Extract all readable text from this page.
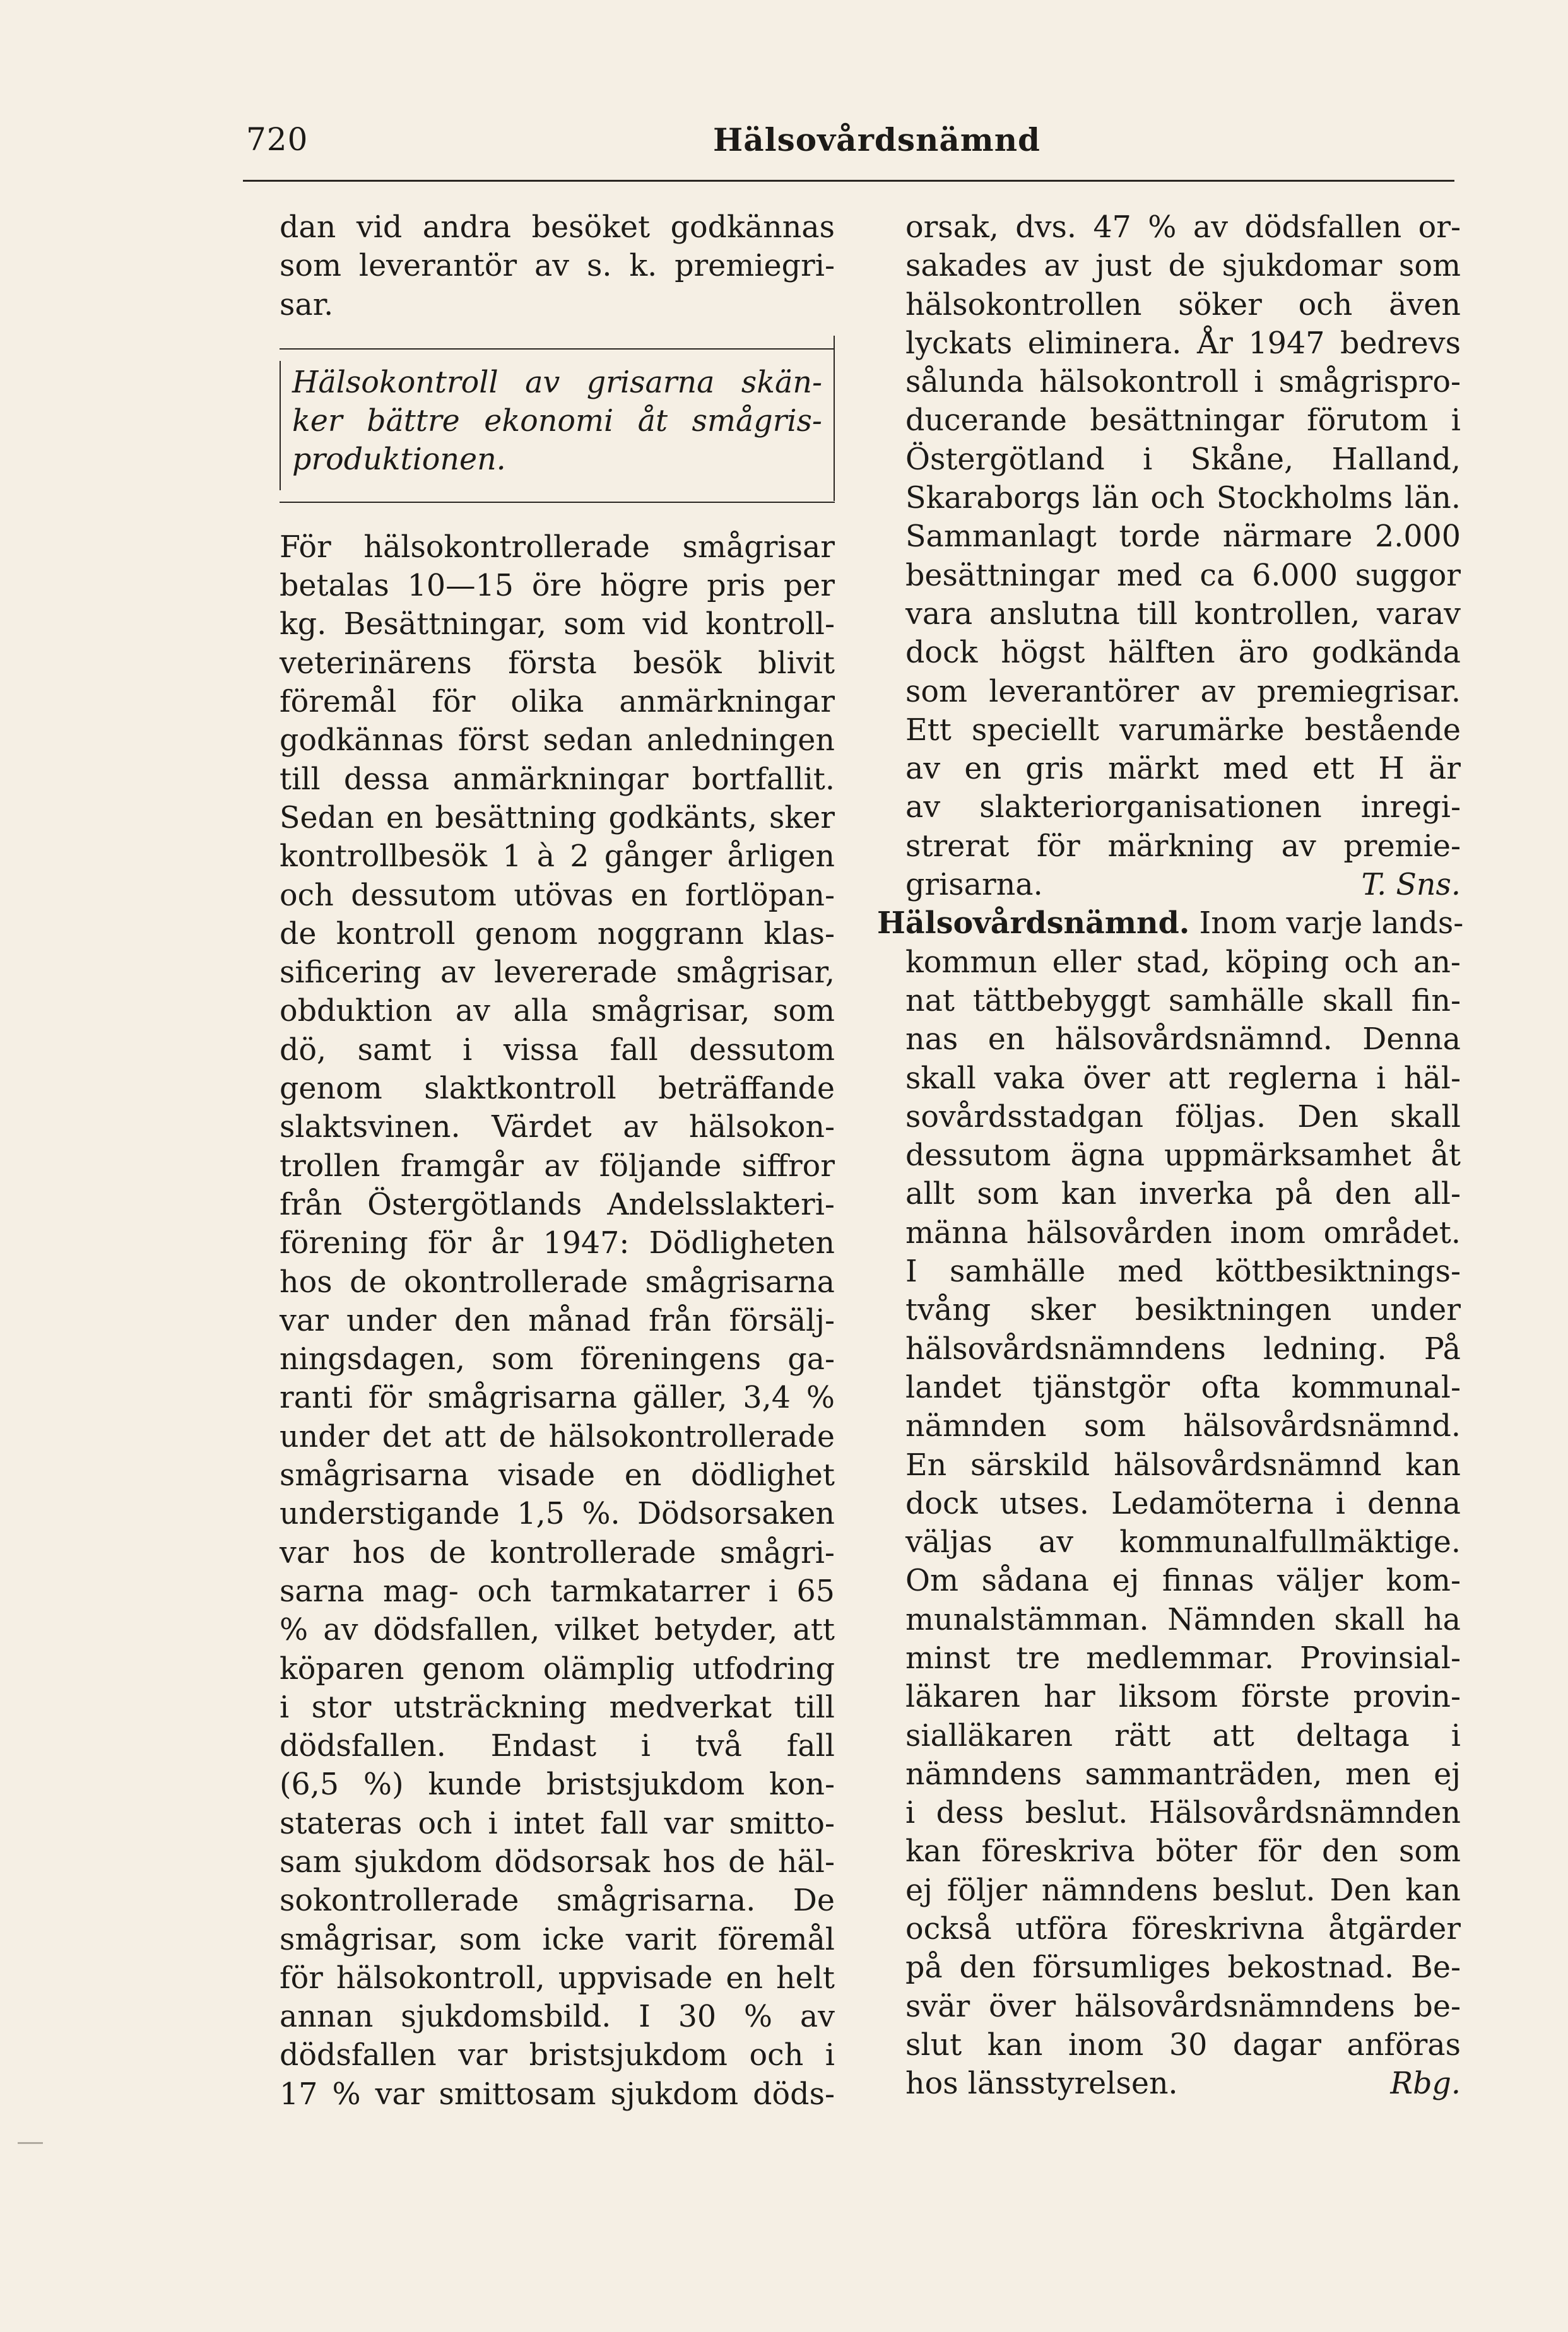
720	Hälsovårdsnämnd
dan vid andra besöket godkännas
som leverantör av s. k. premiegri-
sar.
Hälsokontroll av grisarna skän-
ker bättre ekonomi åt smågris-
produktionen.
För hälsokontrollerade smågrisar
betalas 10—15 öre högre pris per
kg. Besättningar, som vid kontroll-
veterinärens första besök blivit
föremål för olika anmärkningar
godkännas först sedan anledningen
till dessa anmärkningar bortfallit.
Sedan en besättning godkänts, sker
kontrollbesök 1 à 2 gånger årligen
och dessutom utövas en fortlöpan-
de kontroll genom noggrann klas-
sificering av levererade smågrisar,
obduktion av alla smågrisar, som
dö, samt i vissa fall dessutom
genom slaktkontroll beträffande
slaktsvinen. Värdet av hälsokon-
trollen framgår av följande siffror
från Östergötlands Andelsslakteri-
förening för år 1947: Dödligheten
hos de okontrollerade smågrisarna
var under den månad från försälj-
ningsdagen, som föreningens ga-
ranti för smågrisarna gäller, 3,4 %
under det att de hälsokontrollerade
smågrisarna visade en dödlighet
understigande 1,5 %. Dödsorsaken
var hos de kontrollerade smågri-
sarna mag- och tarmkatarrer i 65
% av dödsfallen, vilket betyder, att
köparen genom olämplig utfodring
i stor utsträckning medverkat till
dödsfallen. Endast i två fall
(6,5 %) kunde bristsjukdom kon-
stateras och i intet fall var smitto-
sam sjukdom dödsorsak hos de häl-
sokontrollerade smågrisarna. De
smågrisar, som icke varit föremål
för hälsokontroll, uppvisade en helt
annan sjukdomsbild. I 30 % av
dödsfallen var bristsjukdom och i
17 % var smittosam sjukdom döds-
orsak, dvs. 47 % av dödsfallen or-
sakades av just de sjukdomar som
hälsokontrollen söker och även
lyckats eliminera. År 1947 bedrevs
sålunda hälsokontroll i smågrispro-
ducerande besättningar förutom i
Östergötland i Skåne, Halland,
Skaraborgs län och Stockholms län.
Sammanlagt torde närmare 2.000
besättningar med ca 6.000 suggor
vara anslutna till kontrollen, varav
dock högst hälften äro godkända
som leverantörer av premiegrisar.
Ett speciellt varumärke bestående
av en gris märkt med ett H är
av slakteriorganisationen inregi-
strerat för märkning av premie-
grisarna.	T. Sns.
Hälsovårdsnämnd. Inom varje lands-
kommun eller stad, köping och an-
nat tättbebyggt samhälle skall fin-
nas en hälsovårdsnämnd. Denna
skall vaka över att reglerna i häl-
sovårdsstadgan följas. Den skall
dessutom ägna uppmärksamhet åt
allt som kan inverka på den all-
männa hälsovården inom området.
I samhälle med köttbesiktnings-
tvång sker besiktningen under
hälsovårdsnämndens ledning. På
landet tjänstgör ofta kommunal-
nämnden som hälsovårdsnämnd.
En särskild hälsovårdsnämnd kan
dock utses. Ledamöterna i denna
väljas av kommunalfullmäktige.
Om sådana ej finnas väljer kom-
munalstämman. Nämnden skall ha
minst tre medlemmar. Provinsial-
läkaren har liksom förste provin-
sialläkaren rätt att deltaga i
nämndens sammanträden, men ej
i dess beslut. Hälsovårdsnämnden
kan föreskriva böter för den som
ej följer nämndens beslut. Den kan
också utföra föreskrivna åtgärder
på den försumliges bekostnad. Be-
svär över hälsovårdsnämndens be-
slut kan inom 30 dagar anföras
hos länsstyrelsen.	Rbg.
